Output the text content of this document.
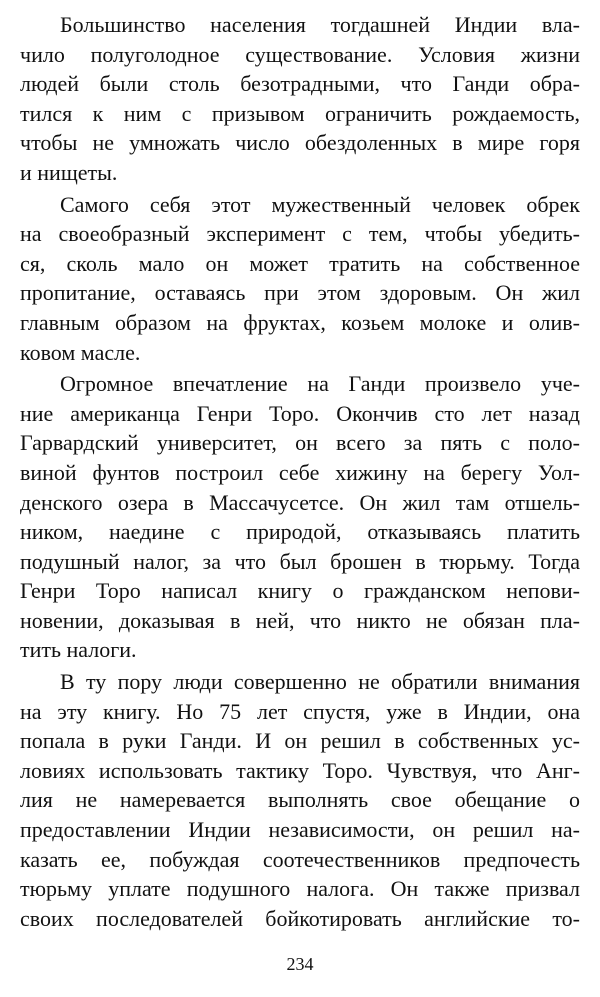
Большинство населения тогдашней Индии вла-
чило полуголодное существование. Условия жизни
людей были столь безотрадными, что Ганди обра-
тился к ним с призывом ограничить рождаемость,
чтобы не умножать число обездоленных в мире горя
и нищеты.
Самого себя этот мужественный человек обрек
на своеобразный эксперимент с тем, чтобы убедить-
ся, сколь мало он может тратить на собственное
пропитание, оставаясь при этом здоровым. Он жил
главным образом на фруктах, козьем молоке и олив-
ковом масле.
Огромное впечатление на Ганди произвело уче-
ние американца Генри Торо. Окончив сто лет назад
Гарвардский университет, он всего за пять с поло-
виной фунтов построил себе хижину на берегу Уол-
денского озера в Массачусетсе. Он жил там отшель-
ником, наедине с природой, отказываясь платить
подушный налог, за что был брошен в тюрьму. Тогда
Генри Торо написал книгу о гражданском непови-
новении, доказывая в ней, что никто не обязан пла-
тить налоги.
В ту пору люди совершенно не обратили внимания
на эту книгу. Но 75 лет спустя, уже в Индии, она
попала в руки Ганди. И он решил в собственных ус-
ловиях использовать тактику Торо. Чувствуя, что Анг-
лия не намеревается выполнять свое обещание о
предоставлении Индии независимости, он решил на-
казать ее, побуждая соотечественников предпочесть
тюрьму уплате подушного налога. Он также призвал
своих последователей бойкотировать английские то-
234
